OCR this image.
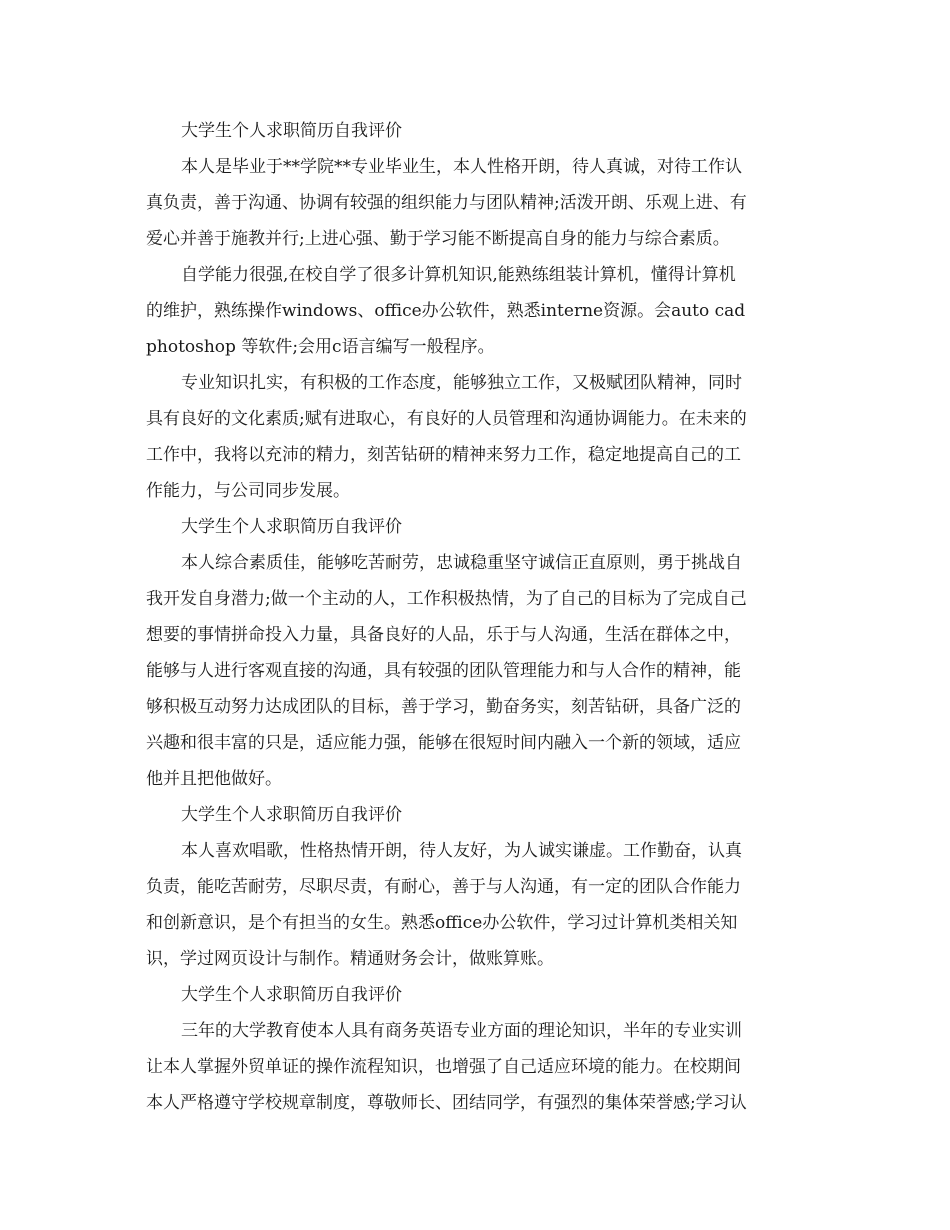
大学生个人求职简历自我评价
本人是毕业于**学院**专业毕业生，本人性格开朗，待人真诚，对待工作认
真负责，善于沟通、协调有较强的组织能力与团队精神;活泼开朗、乐观上进、有
爱心并善于施教并行;上进心强、勤于学习能不断提高自身的能力与综合素质。
自学能力很强,在校自学了很多计算机知识,能熟练组装计算机，懂得计算机
的维护，熟练操作windows、office办公软件，熟悉interne资源。会auto cad
photoshop 等软件;会用c语言编写一般程序。
专业知识扎实，有积极的工作态度，能够独立工作，又极赋团队精神，同时
具有良好的文化素质;赋有进取心，有良好的人员管理和沟通协调能力。在未来的
工作中，我将以充沛的精力，刻苦钻研的精神来努力工作，稳定地提高自己的工
作能力，与公司同步发展。
大学生个人求职简历自我评价
本人综合素质佳，能够吃苦耐劳，忠诚稳重坚守诚信正直原则，勇于挑战自
我开发自身潜力;做一个主动的人，工作积极热情，为了自己的目标为了完成自己
想要的事情拼命投入力量，具备良好的人品，乐于与人沟通，生活在群体之中，
能够与人进行客观直接的沟通，具有较强的团队管理能力和与人合作的精神，能
够积极互动努力达成团队的目标，善于学习，勤奋务实，刻苦钻研，具备广泛的
兴趣和很丰富的只是，适应能力强，能够在很短时间内融入一个新的领域，适应
他并且把他做好。
大学生个人求职简历自我评价
本人喜欢唱歌，性格热情开朗，待人友好，为人诚实谦虚。工作勤奋，认真
负责，能吃苦耐劳，尽职尽责，有耐心，善于与人沟通，有一定的团队合作能力
和创新意识，是个有担当的女生。熟悉office办公软件，学习过计算机类相关知
识，学过网页设计与制作。精通财务会计，做账算账。
大学生个人求职简历自我评价
三年的大学教育使本人具有商务英语专业方面的理论知识，半年的专业实训
让本人掌握外贸单证的操作流程知识，也增强了自己适应环境的能力。在校期间
本人严格遵守学校规章制度，尊敬师长、团结同学，有强烈的集体荣誉感;学习认
